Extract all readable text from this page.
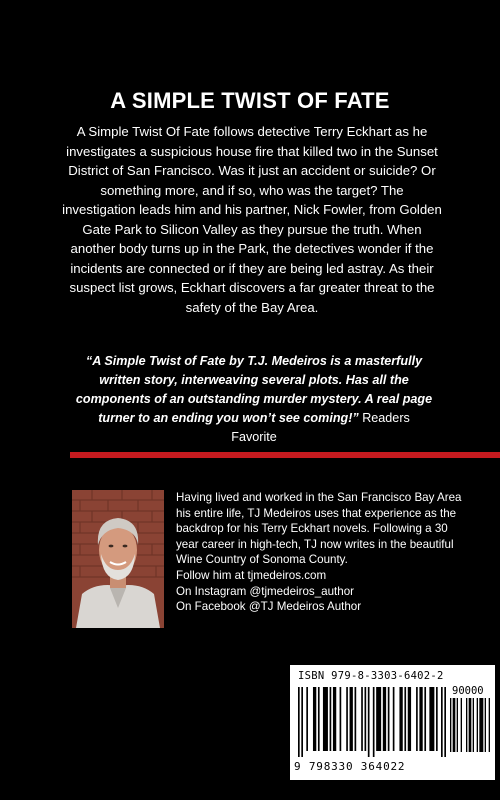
A SIMPLE TWIST OF FATE

A Simple Twist Of Fate follows detective Terry Eckhart as he investigates a suspicious house fire that killed two in the Sunset District of San Francisco. Was it just an accident or suicide? Or something more, and if so, who was the target? The investigation leads him and his partner, Nick Fowler, from Golden Gate Park to Silicon Valley as they pursue the truth. When another body turns up in the Park, the detectives wonder if the incidents are connected or if they are being led astray. As their suspect list grows, Eckhart discovers a far greater threat to the safety of the Bay Area.

“A Simple Twist of Fate by T.J. Medeiros is a masterfully written story, interweaving several plots. Has all the components of an outstanding murder mystery. A real page turner to an ending you won’t see coming!” Readers Favorite

Having lived and worked in the San Francisco Bay Area his entire life, TJ Medeiros uses that experience as the backdrop for his Terry Eckhart novels. Following a 30 year career in high-tech, TJ now writes in the beautiful Wine Country of Sonoma County.
Follow him at tjmedeiros.com
On Instagram @tjmedeiros_author
On Facebook @TJ Medeiros Author

ISBN 979-8-3303-6402-2
90000
9 798330 364022
